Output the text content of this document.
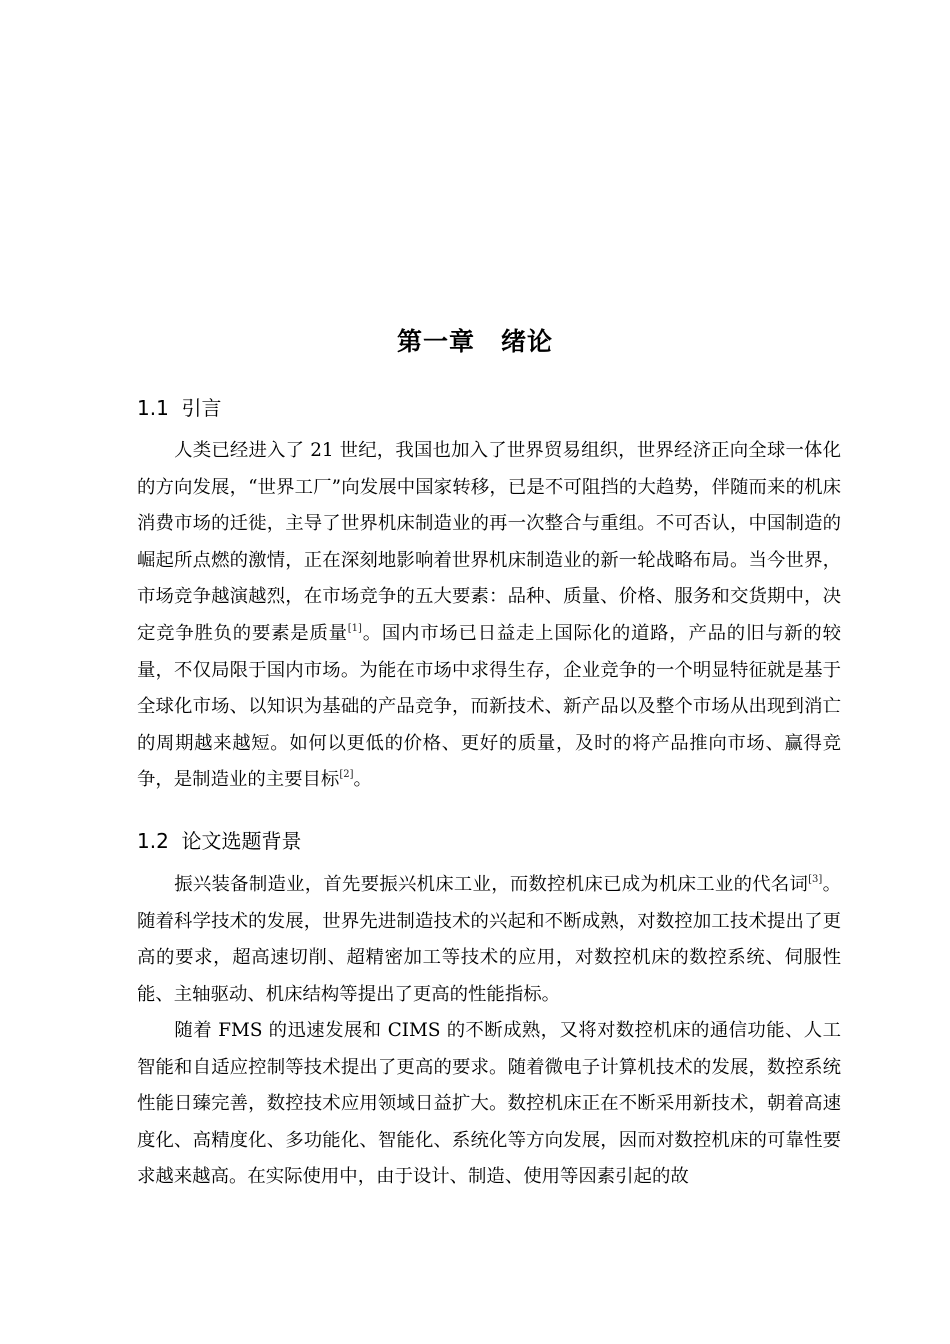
第一章　绪论
1.1  引言

人类已经进入了 21 世纪，我国也加入了世界贸易组织，世界经济正向全球一体化的方向发展，“世界工厂”向发展中国家转移，已是不可阻挡的大趋势，伴随而来的机床消费市场的迁徙，主导了世界机床制造业的再一次整合与重组。不可否认，中国制造的崛起所点燃的激情，正在深刻地影响着世界机床制造业的新一轮战略布局。当今世界，市场竞争越演越烈，在市场竞争的五大要素：品种、质量、价格、服务和交货期中，决定竞争胜负的要素是质量[1]。国内市场已日益走上国际化的道路，产品的旧与新的较量，不仅局限于国内市场。为能在市场中求得生存，企业竞争的一个明显特征就是基于全球化市场、以知识为基础的产品竞争，而新技术、新产品以及整个市场从出现到消亡的周期越来越短。如何以更低的价格、更好的质量，及时的将产品推向市场、赢得竞争，是制造业的主要目标[2]。

1.2  论文选题背景

振兴装备制造业，首先要振兴机床工业，而数控机床已成为机床工业的代名词[3]。随着科学技术的发展，世界先进制造技术的兴起和不断成熟，对数控加工技术提出了更高的要求，超高速切削、超精密加工等技术的应用，对数控机床的数控系统、伺服性能、主轴驱动、机床结构等提出了更高的性能指标。

随着 FMS 的迅速发展和 CIMS 的不断成熟，又将对数控机床的通信功能、人工智能和自适应控制等技术提出了更高的要求。随着微电子计算机技术的发展，数控系统性能日臻完善，数控技术应用领域日益扩大。数控机床正在不断采用新技术，朝着高速度化、高精度化、多功能化、智能化、系统化等方向发展，因而对数控机床的可靠性要求越来越高。在实际使用中，由于设计、制造、使用等因素引起的故
